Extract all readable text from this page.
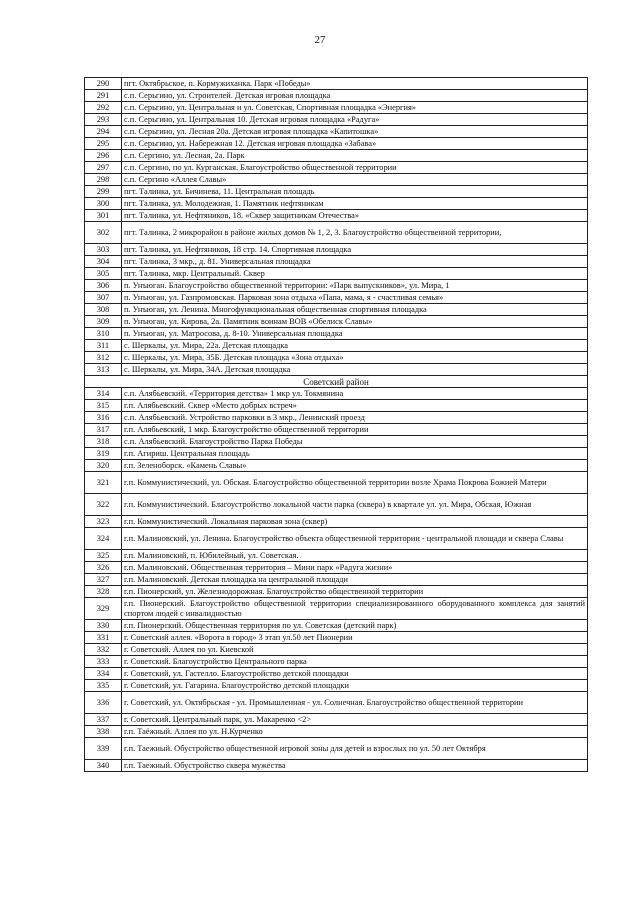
27
290	пгт. Октябрьское, п. Кормужиханка. Парк «Победы»
291	с.п. Серьгино, ул. Строителей. Детская игровая площадка
292	с.п. Серьгино, ул. Центральная и ул. Советская, Спортивная площадка «Энергия»
293	с.п. Серьгино, ул. Центральная 10. Детская игровая площадка «Радуга»
294	с.п. Серьгино, ул. Лесная 20а. Детская игровая площадка «Капитошка»
295	с.п. Серьгино, ул. Набережная 12. Детская игровая площадка «Забава»
296	с.п. Сергино, ул. Лесная, 2а. Парк
297	с.п. Сергино, по ул. Курганская. Благоустройство общественной территории
298	с.п. Сергино «Аллея Славы»
299	пгт. Талинка, ул. Бичинева, 11. Центральная площадь
300	пгт. Талинка, ул. Молодежная, 1. Памятник нефтяникам
301	пгт. Талинка, ул. Нефтяников, 18. «Сквер защитникам Отечества»
302	пгт. Талинка, 2 микрорайон в районе жилых домов № 1, 2, 3. Благоустройство общественной территории,
303	пгт. Талинка, ул. Нефтяников, 18 стр. 14. Спортивная площадка
304	пгт. Талинка, 3 мкр., д. 81. Универсальная площадка
305	пгт. Талинка, мкр. Центральный. Сквер
306	п. Унъюган. Благоустройство общественной территории: «Парк выпускников», ул. Мира, 1
307	п. Унъюган, ул. Газпромовская. Парковая зона отдыха «Папа, мама, я - счастливая семья»
308	п. Унъюган, ул. Ленина. Многофункциональная общественная спортивная площадка
309	п. Унъюган, ул. Кирова, 2а. Памятник воинам ВОВ «Обелиск Славы»
310	п. Унъюган, ул. Матросова, д. 8-10. Универсальная площадка
311	с. Шеркалы, ул. Мира, 22а. Детская площадка
312	с. Шеркалы, ул. Мира, 35Б. Детская площадка «Зона отдыха»
313	с. Шеркалы, ул. Мира, 34А. Детская площадка
Советский район	
314	с.п. Алябьевский. «Территория детства» 1 мкр ул. Токмянина
315	г.п. Алябьевский. Сквер «Место добрых встреч»
316	с.п. Алябьевский. Устройство парковки в 3 мкр., Ленинский проезд
317	г.п. Алябьевский, 1 мкр. Благоустройство общественной территории
318	с.п. Алябьевский. Благоустройство Парка Победы
319	г.п. Агириш. Центральная площадь
320	г.п. Зеленоборск. «Камень Славы»
321	г.п. Коммунистический, ул. Обская. Благоустройство общественной территории возле Храма Покрова Божией Матери
322	г.п. Коммунистический. Благоустройство локальной части парка (сквера) в квартале ул. ул. Мира, Обская, Южная
323	г.п. Коммунистический. Локальная парковая зона (сквер)
324	г.п. Малиновский, ул. Ленина. Благоустройство объекта общественной территории - центральной площади и сквера Славы
325	г.п. Малиновский, п. Юбилейный, ул. Советская.
326	г.п. Малиновский. Общественная территория – Мини парк «Радуга жизни»
327	г.п. Малиновский. Детская площадка на центральной площади
328	г.п. Пионерский, ул. Железнодорожная. Благоустройство общественной территории
329	г.п. Пионерский. Благоустройство общественной территории специализированного оборудованного комплекса для занятий спортом людей с инвалидностью
330	г.п. Пионерский. Общественная территория по ул. Советская (детский парк)
331	г. Советский аллея. «Ворота в город» 3 этап ул.50 лет Пионерии
332	г. Советский. Аллея по ул. Киевской
333	г. Советский. Благоустройство Центрального парка
334	г. Советский, ул. Гастелло. Благоустройство детской площадки
335	г. Советский, ул. Гагарина. Благоустройство детской площадки
336	г. Советский, ул. Октябрьская - ул. Промышленная - ул. Солнечная. Благоустройство общественной территории
337	г. Советский. Центральный парк, ул. Макаренко <2>
338	г.п. Таёжный. Аллея по ул. Н.Курченко
339	г.п. Таежный. Обустройство общественной игровой зоны для детей и взрослых по ул. 50 лет Октября
340	г.п. Таежный. Обустройство сквера мужества
